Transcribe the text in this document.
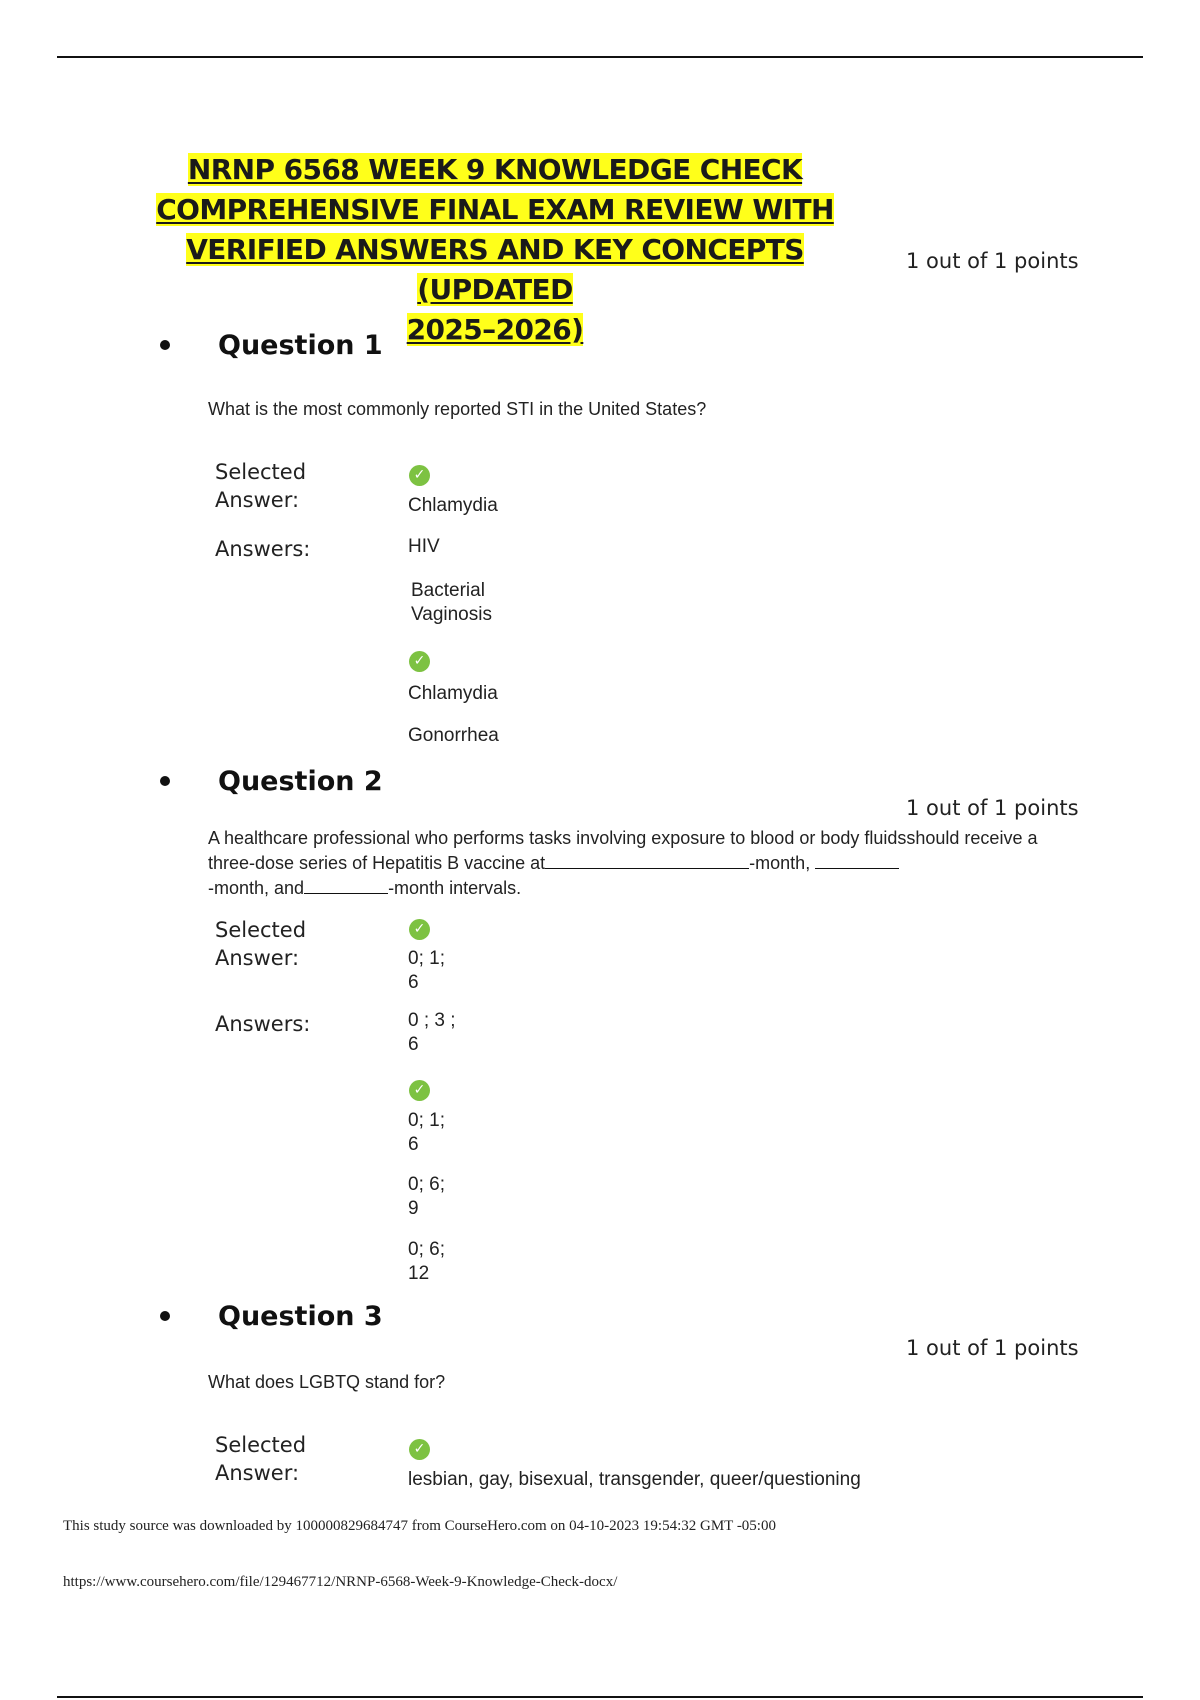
NRNP 6568 WEEK 9 KNOWLEDGE CHECK
COMPREHENSIVE FINAL EXAM REVIEW WITH
VERIFIED ANSWERS AND KEY CONCEPTS (UPDATED
2025–2026)
1 out of 1 points
Question 1
What is the most commonly reported STI in the United States?
Selected
Answer:
✓
Chlamydia
Answers:	HIV
Bacterial
Vaginosis
✓
Chlamydia
Gonorrhea
Question 2
1 out of 1 points
A healthcare professional who performs tasks involving exposure to blood or body fluidsshould receive a three-dose series of Hepatitis B vaccine at	-month,
-month, and	-month intervals.
Selected
Answer:
✓
0; 1;
6
Answers:	0 ; 3 ;
6
✓
0; 1;
6
0; 6;
9
0; 6;
12
Question 3
1 out of 1 points
What does LGBTQ stand for?
Selected
Answer:
✓
lesbian, gay, bisexual, transgender, queer/questioning
This study source was downloaded by 100000829684747 from CourseHero.com on 04-10-2023 19:54:32 GMT -05:00
https://www.coursehero.com/file/129467712/NRNP-6568-Week-9-Knowledge-Check-docx/
